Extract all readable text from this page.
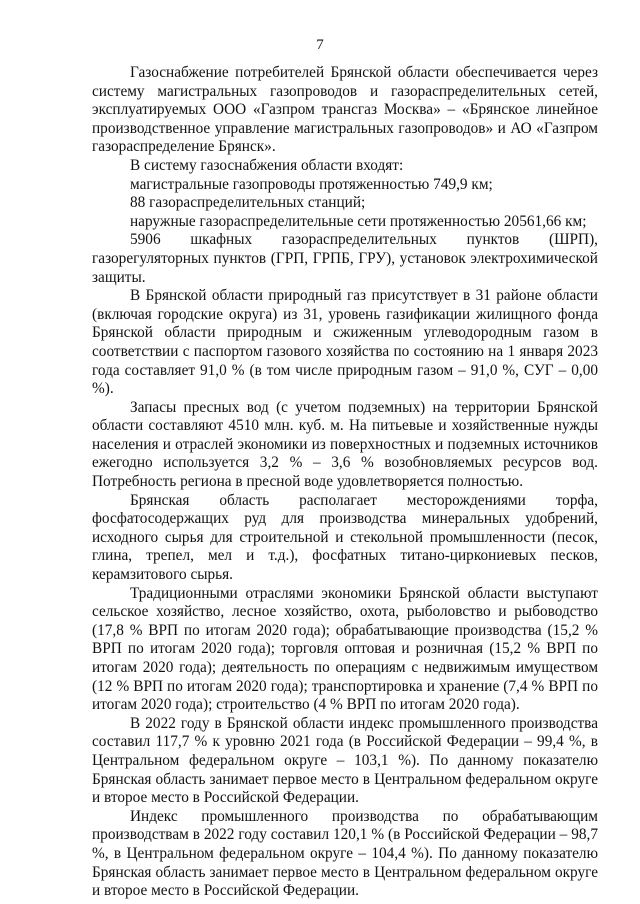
7

Газоснабжение потребителей Брянской области обеспечивается через систему магистральных газопроводов и газораспределительных сетей, эксплуатируемых ООО «Газпром трансгаз Москва» – «Брянское линейное производственное управление магистральных газопроводов» и АО «Газпром газораспределение Брянск».

В систему газоснабжения области входят:

магистральные газопроводы протяженностью 749,9 км;

88 газораспределительных станций;

наружные газораспределительные сети протяженностью 20561,66 км;

5906 шкафных газораспределительных пунктов (ШРП), газорегуляторных пунктов (ГРП, ГРПБ, ГРУ), установок электрохимической защиты.

В Брянской области природный газ присутствует в 31 районе области (включая городские округа) из 31, уровень газификации жилищного фонда Брянской области природным и сжиженным углеводородным газом в соответствии с паспортом газового хозяйства по состоянию на 1 января 2023 года составляет 91,0 % (в том числе природным газом – 91,0 %, СУГ – 0,00 %).

Запасы пресных вод (с учетом подземных) на территории Брянской области составляют 4510 млн. куб. м. На питьевые и хозяйственные нужды населения и отраслей экономики из поверхностных и подземных источников ежегодно используется 3,2 % – 3,6 % возобновляемых ресурсов вод. Потребность региона в пресной воде удовлетворяется полностью.

Брянская область располагает месторождениями торфа, фосфатосодержащих руд для производства минеральных удобрений, исходного сырья для строительной и стекольной промышленности (песок, глина, трепел, мел и т.д.), фосфатных титано-циркониевых песков, керамзитового сырья.

Традиционными отраслями экономики Брянской области выступают сельское хозяйство, лесное хозяйство, охота, рыболовство и рыбоводство (17,8 % ВРП по итогам 2020 года); обрабатывающие производства (15,2 % ВРП по итогам 2020 года); торговля оптовая и розничная (15,2 % ВРП по итогам 2020 года); деятельность по операциям с недвижимым имуществом (12 % ВРП по итогам 2020 года); транспортировка и хранение (7,4 % ВРП по итогам 2020 года); строительство (4 % ВРП по итогам 2020 года).

В 2022 году в Брянской области индекс промышленного производства составил 117,7 % к уровню 2021 года (в Российской Федерации – 99,4 %, в Центральном федеральном округе – 103,1 %). По данному показателю Брянская область занимает первое место в Центральном федеральном округе и второе место в Российской Федерации.

Индекс промышленного производства по обрабатывающим производствам в 2022 году составил 120,1 % (в Российской Федерации – 98,7 %, в Центральном федеральном округе – 104,4 %). По данному показателю Брянская область занимает первое место в Центральном федеральном округе и второе место в Российской Федерации.
